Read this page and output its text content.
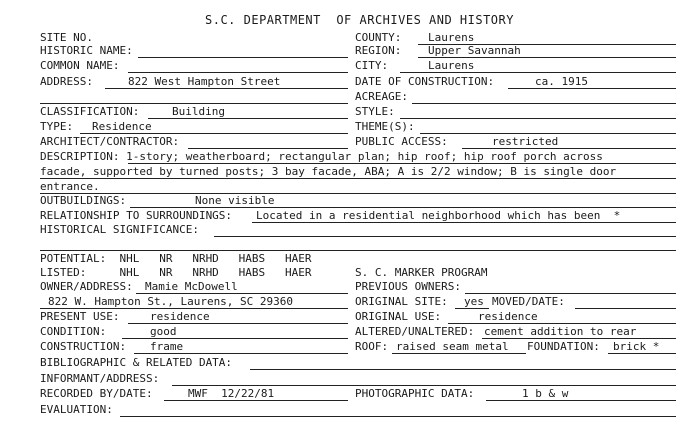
S.C. DEPARTMENT  OF ARCHIVES AND HISTORY
SITE NO.	COUNTY: Laurens
HISTORIC NAME:	REGION: Upper Savannah
COMMON NAME:	CITY:	Laurens
ADDRESS:	822 West Hampton Street	DATE OF CONSTRUCTION:	ca. 1915
ACREAGE:
CLASSIFICATION:	Building	STYLE:
TYPE: Residence	THEME(S):
ARCHITECT/CONTRACTOR:	PUBLIC ACCESS:	restricted
DESCRIPTION: 1-story; weatherboard; rectangular plan; hip roof; hip roof porch across
facade, supported by turned posts; 3 bay facade, ABA; A is 2/2 window; B is single door
entrance.
OUTBUILDINGS:	None visible
RELATIONSHIP TO SURROUNDINGS: Located in a residential neighborhood which has been  *
HISTORICAL SIGNIFICANCE:
POTENTIAL:  NHL   NR   NRHD   HABS   HAER
LISTED:     NHL   NR   NRHD   HABS   HAER	S. C. MARKER PROGRAM
OWNER/ADDRESS: Mamie McDowell	PREVIOUS OWNERS:
822 W. Hampton St., Laurens, SC 29360	ORIGINAL SITE: yes MOVED/DATE:
PRESENT USE:	residence	ORIGINAL USE:	residence
CONDITION:	good	ALTERED/UNALTERED: cement addition to rear
CONSTRUCTION: frame	ROOF: raised seam metal FOUNDATION: brick *
BIBLIOGRAPHIC & RELATED DATA:
INFORMANT/ADDRESS:
RECORDED BY/DATE:	MWF  12/22/81	PHOTOGRAPHIC DATA:	1 b & w
EVALUATION:
